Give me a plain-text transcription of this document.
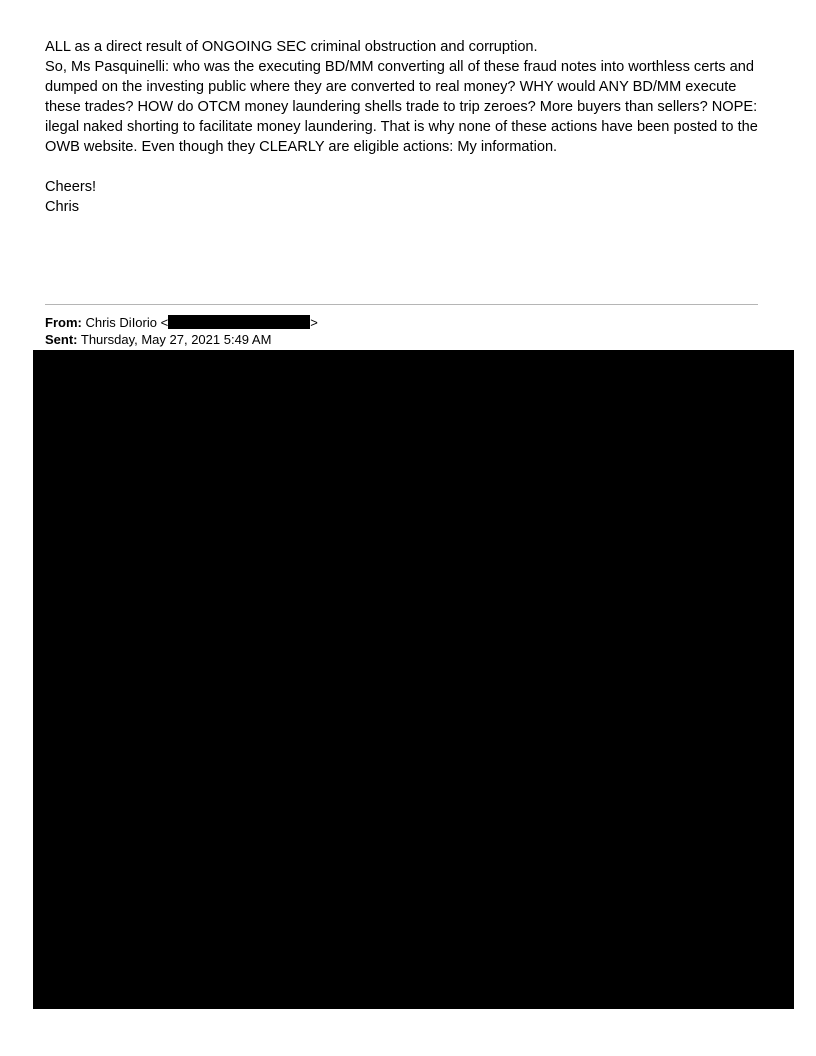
ALL as a direct result of ONGOING SEC criminal obstruction and corruption.

So, Ms Pasquinelli: who was the executing BD/MM converting all of these fraud notes into worthless certs and dumped on the investing public where they are converted to real money? WHY would ANY BD/MM execute these trades? HOW do OTCM money laundering shells trade to trip zeroes? More buyers than sellers? NOPE: ilegal naked shorting to facilitate money laundering. That is why none of these actions have been posted to the OWB website. Even though they CLEARLY are eligible actions: My information.

Cheers!
Chris
From: Chris DiIorio <	>
Sent: Thursday, May 27, 2021 5:49 AM
